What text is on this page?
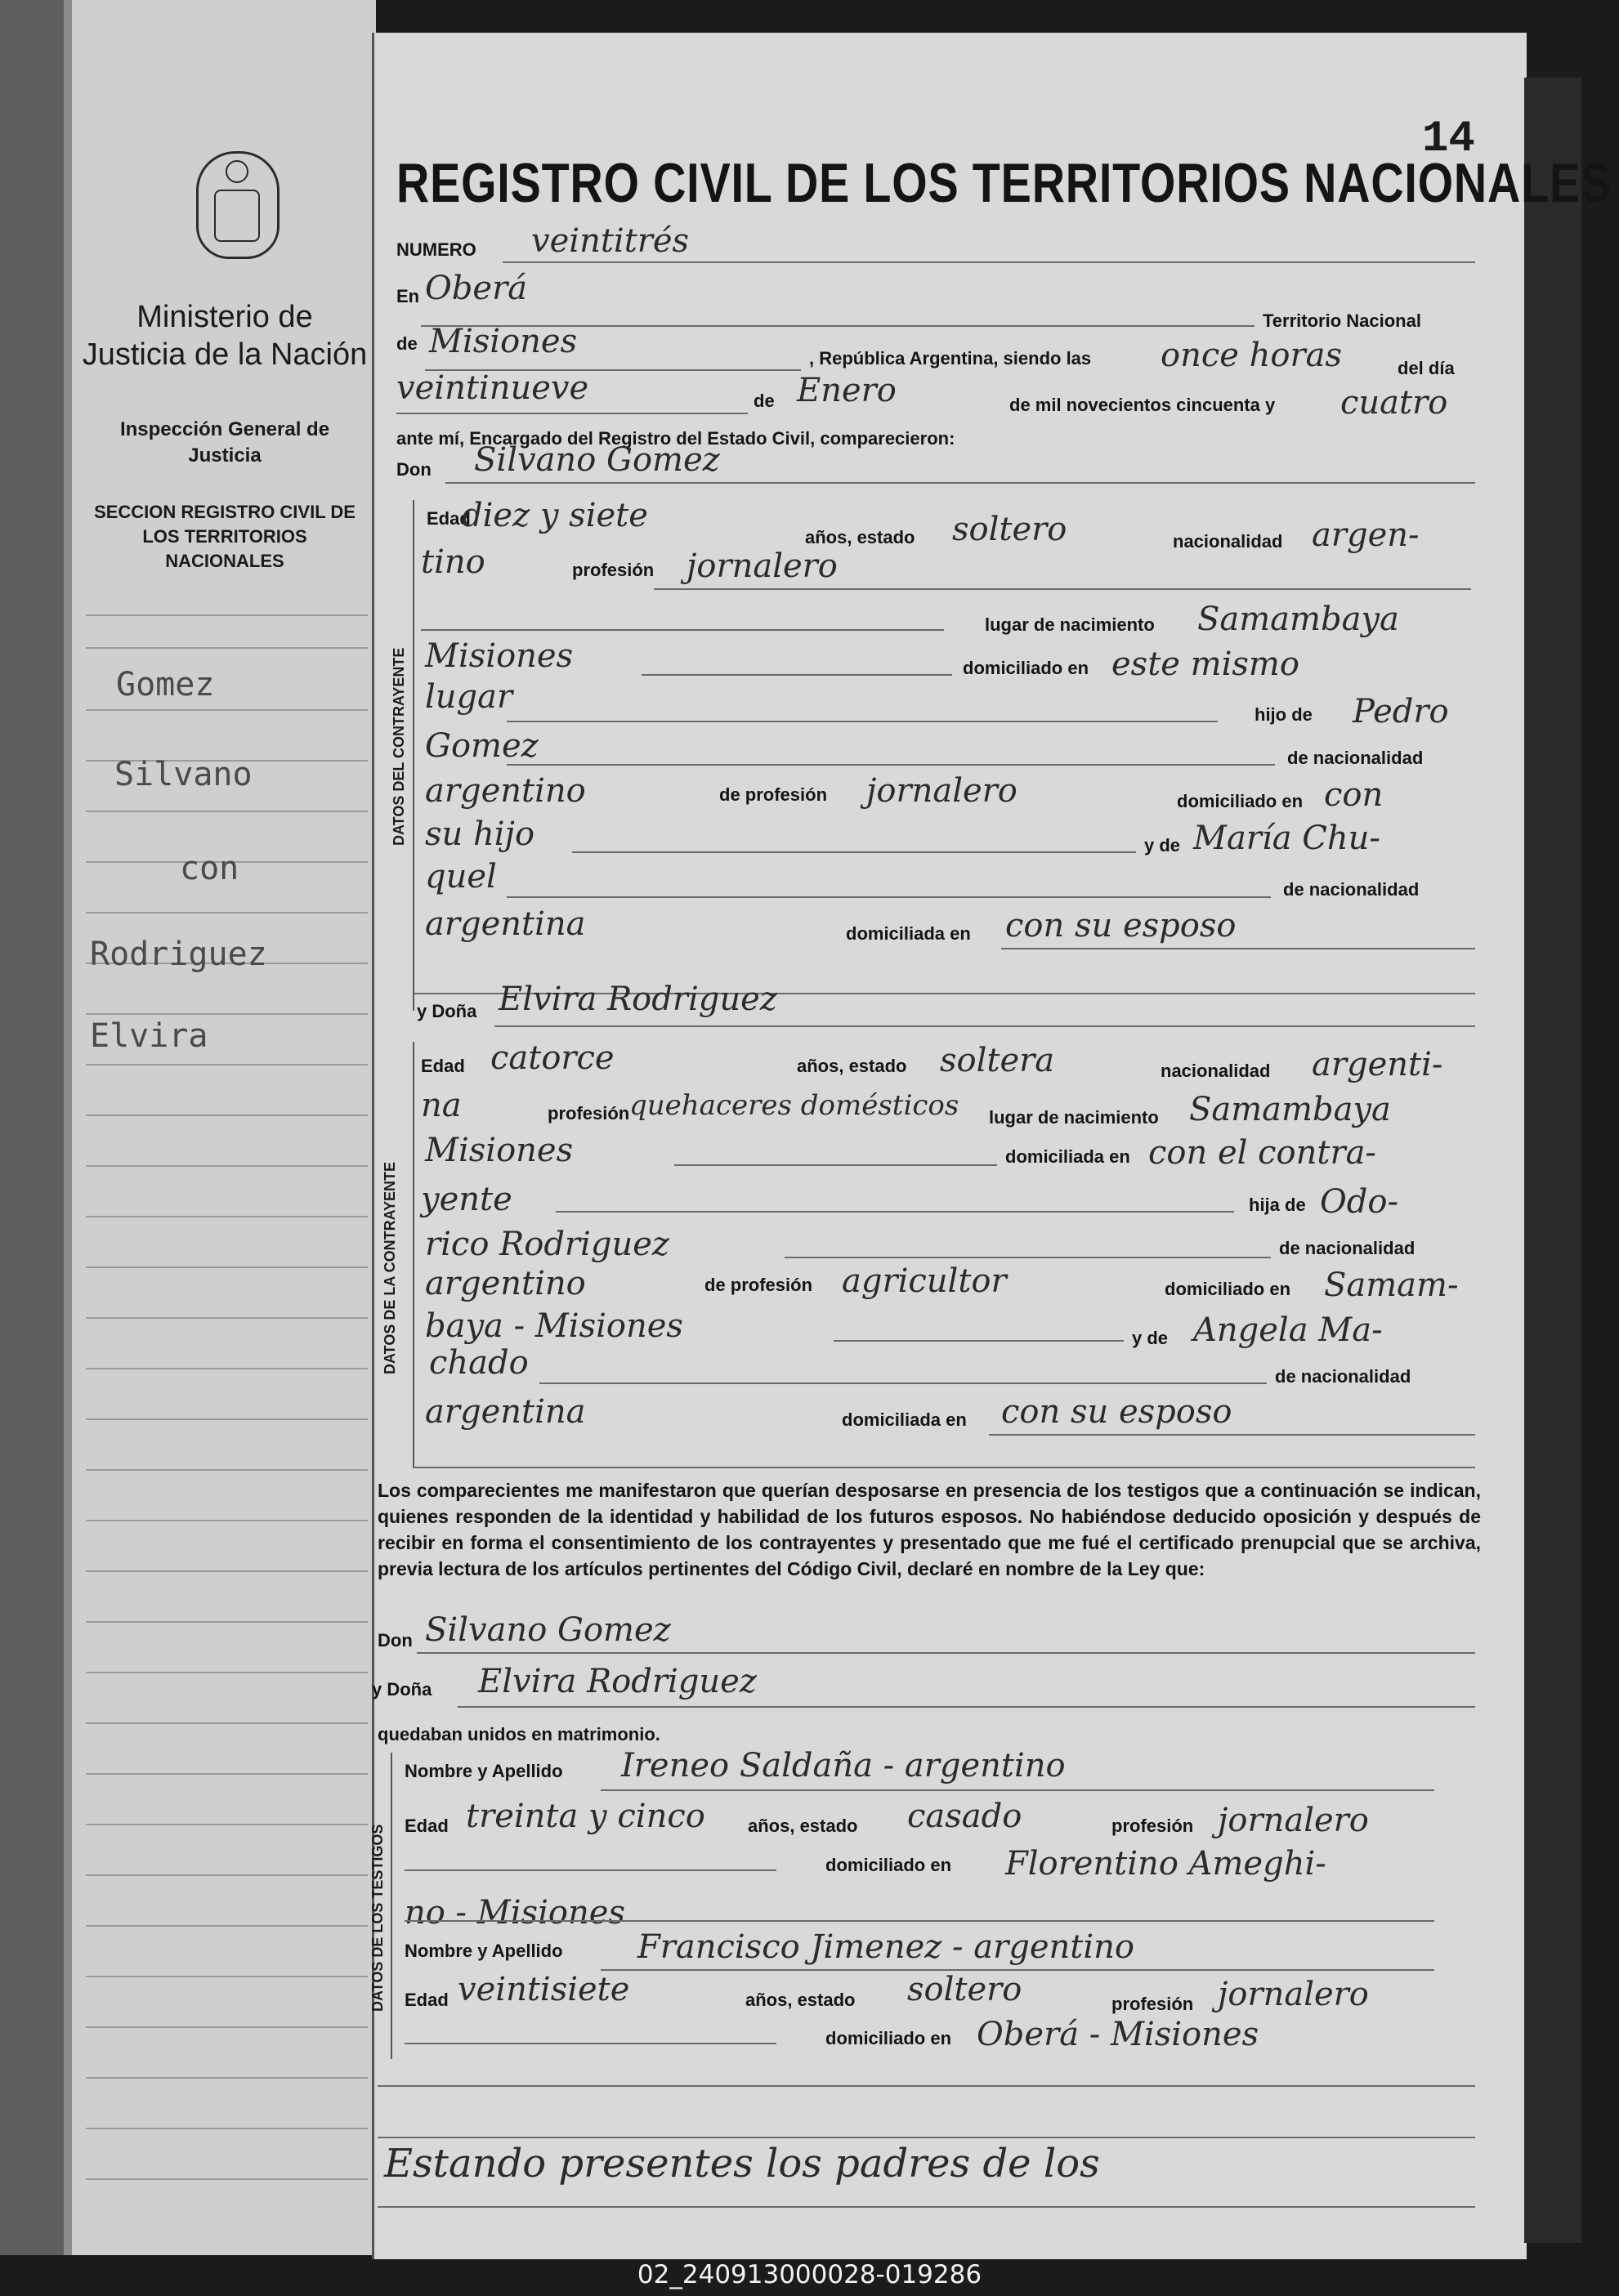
Ministerio de Justicia de la Nación
Inspección General de Justicia
SECCION REGISTRO CIVIL DE LOS TERRITORIOS NACIONALES
Gomez
Silvano
con
Rodriguez
Elvira
14
REGISTRO CIVIL DE LOS TERRITORIOS NACIONALES
NUMERO veintitrés
En Oberá
Territorio Nacional
de Misiones	, República Argentina, siendo las once horas	del día
veintinueve	de Enero	de mil novecientos cincuenta y cuatro
ante mí, Encargado del Registro del Estado Civil, comparecieron:
Don Silvano Gomez
DATOS DEL CONTRAYENTE
Edad
diez y siete
años, estado soltero	nacionalidad argen-
tino	profesión jornalero
lugar de nacimiento Samambaya
Misiones	domiciliado en este mismo
lugar	hijo de Pedro
Gomez	de nacionalidad
argentino	de profesión jornalero	domiciliado en con
su hijo	y de María Chu-
quel	de nacionalidad
argentina	domiciliada en con su esposo
y Doña Elvira Rodriguez
DATOS DE LA CONTRAYENTE
Edad catorce	años, estado soltera	nacionalidad argenti-
na	profesión quehaceres domésticos lugar de nacimiento Samambaya
Misiones	domiciliada en con el contra-
yente	hija de Odo-
rico Rodriguez	de nacionalidad
argentino	de profesión agricultor	domiciliado en Samam-
baya - Misiones	y de Angela Ma-
chado	de nacionalidad
argentina	domiciliada en con su esposo
Los comparecientes me manifestaron que querían desposarse en presencia de los testigos que a continuación se indican, quienes responden de la identidad y habilidad de los futuros esposos. No habiéndose deducido oposición y después de recibir en forma el consentimiento de los contrayentes y presentado que me fué el certificado prenupcial que se archiva, previa lectura de los artículos pertinentes del Código Civil, declaré en nombre de la Ley que:
Don Silvano Gomez
y Doña Elvira Rodriguez
quedaban unidos en matrimonio.
DATOS DE LOS TESTIGOS
Nombre y Apellido Ireneo Saldaña - argentino
Edad treinta y cinco años, estado casado	profesión jornalero
domiciliado en Florentino Ameghi-
no - Misiones
Nombre y Apellido Francisco Jimenez - argentino
Edad veintisiete	años, estado soltero	profesión jornalero
domiciliado en Oberá - Misiones
Estando presentes los padres de los
02_240913000028-019286
